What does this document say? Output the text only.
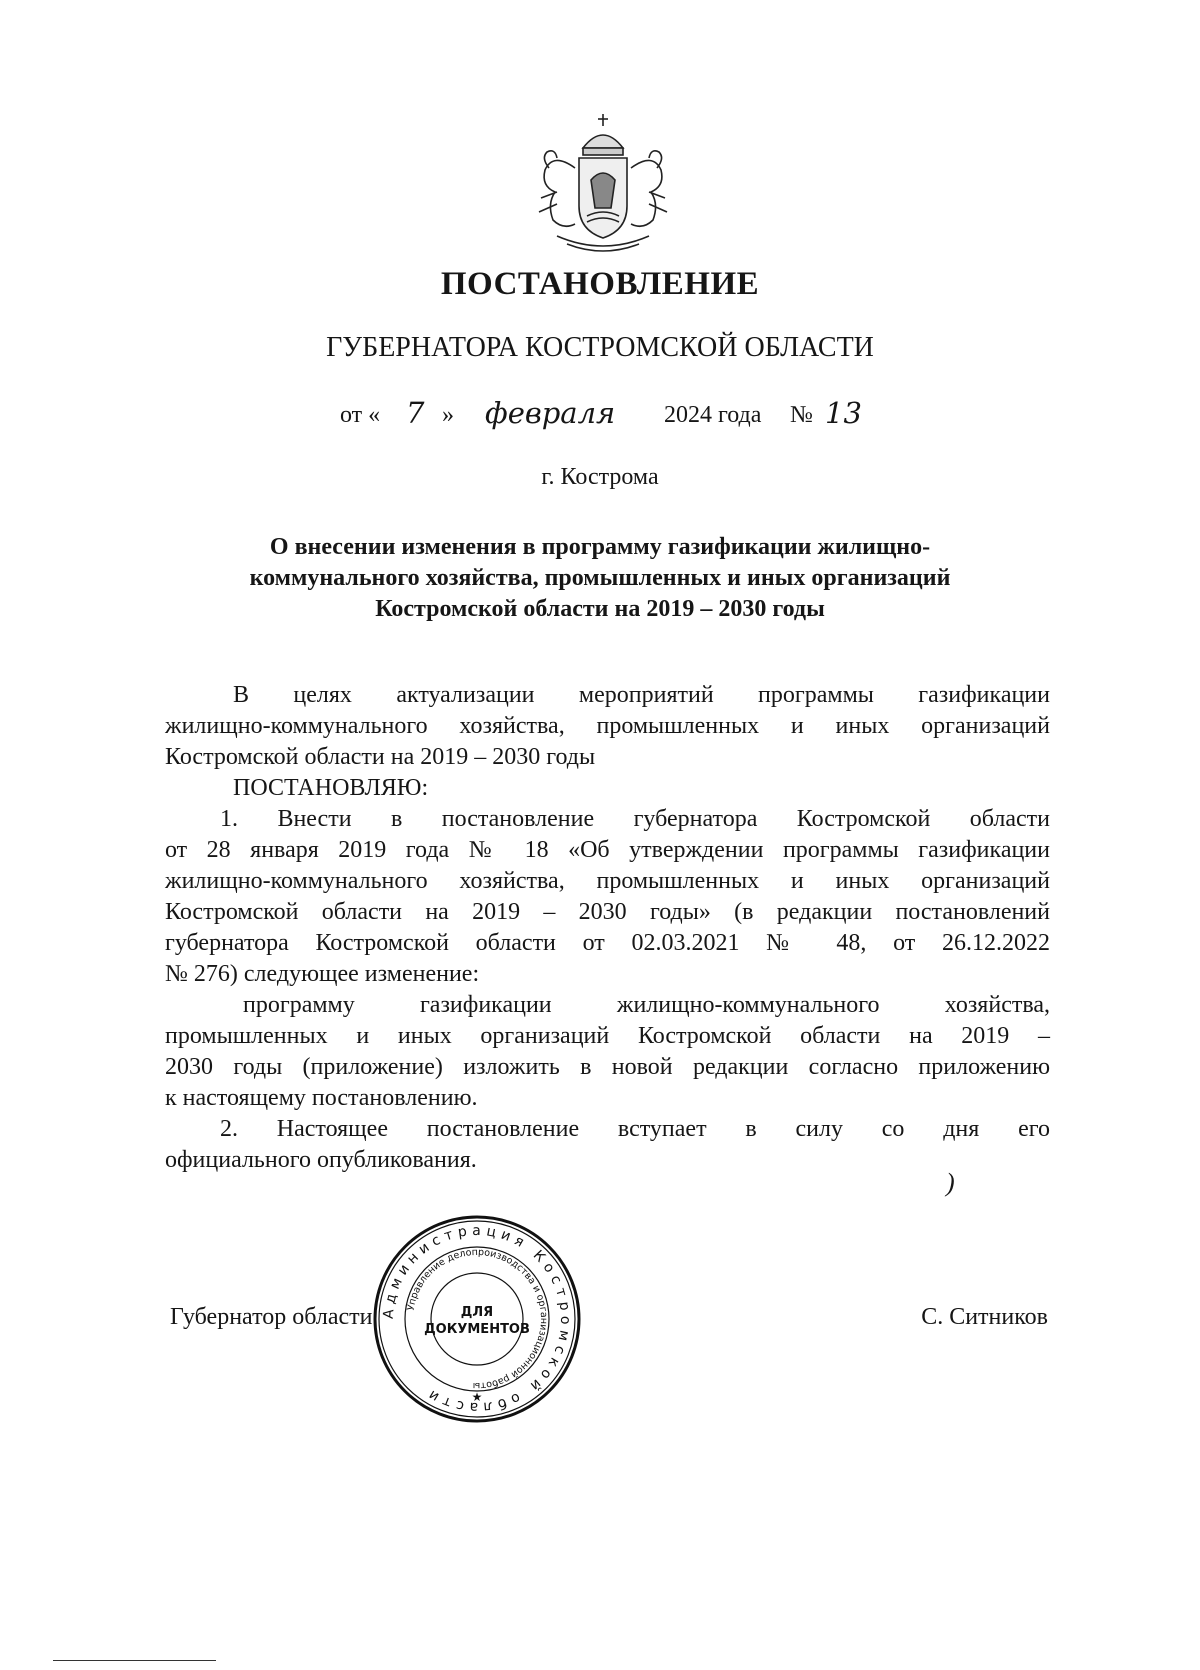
ПОСТАНОВЛЕНИЕ
ГУБЕРНАТОРА КОСТРОМСКОЙ ОБЛАСТИ
от « 7 » февраля 2024 года № 13
г. Кострома
О внесении изменения в программу газификации жилищно-
коммунального хозяйства, промышленных и иных организаций
Костромской области на 2019 – 2030 годы
В целях актуализации мероприятий программы газификации
жилищно-коммунального хозяйства, промышленных и иных организаций
Костромской области на 2019 – 2030 годы
ПОСТАНОВЛЯЮ:
1. Внести в постановление губернатора Костромской области
от 28 января 2019 года № 18 «Об утверждении программы газификации
жилищно-коммунального хозяйства, промышленных и иных организаций
Костромской области на 2019 – 2030 годы» (в редакции постановлений
губернатора Костромской области от 02.03.2021 № 48, от 26.12.2022
№ 276) следующее изменение:
программу газификации жилищно-коммунального хозяйства,
промышленных и иных организаций Костромской области на 2019 –
2030 годы (приложение) изложить в новой редакции согласно приложению
к настоящему постановлению.
2. Настоящее постановление вступает в силу со дня его
официального опубликования.
)
Губернатор области	С. Ситников
Администрация Костромской области
Управление делопроизводства и организационной работы
ДЛЯ
ДОКУМЕНТОВ
★
